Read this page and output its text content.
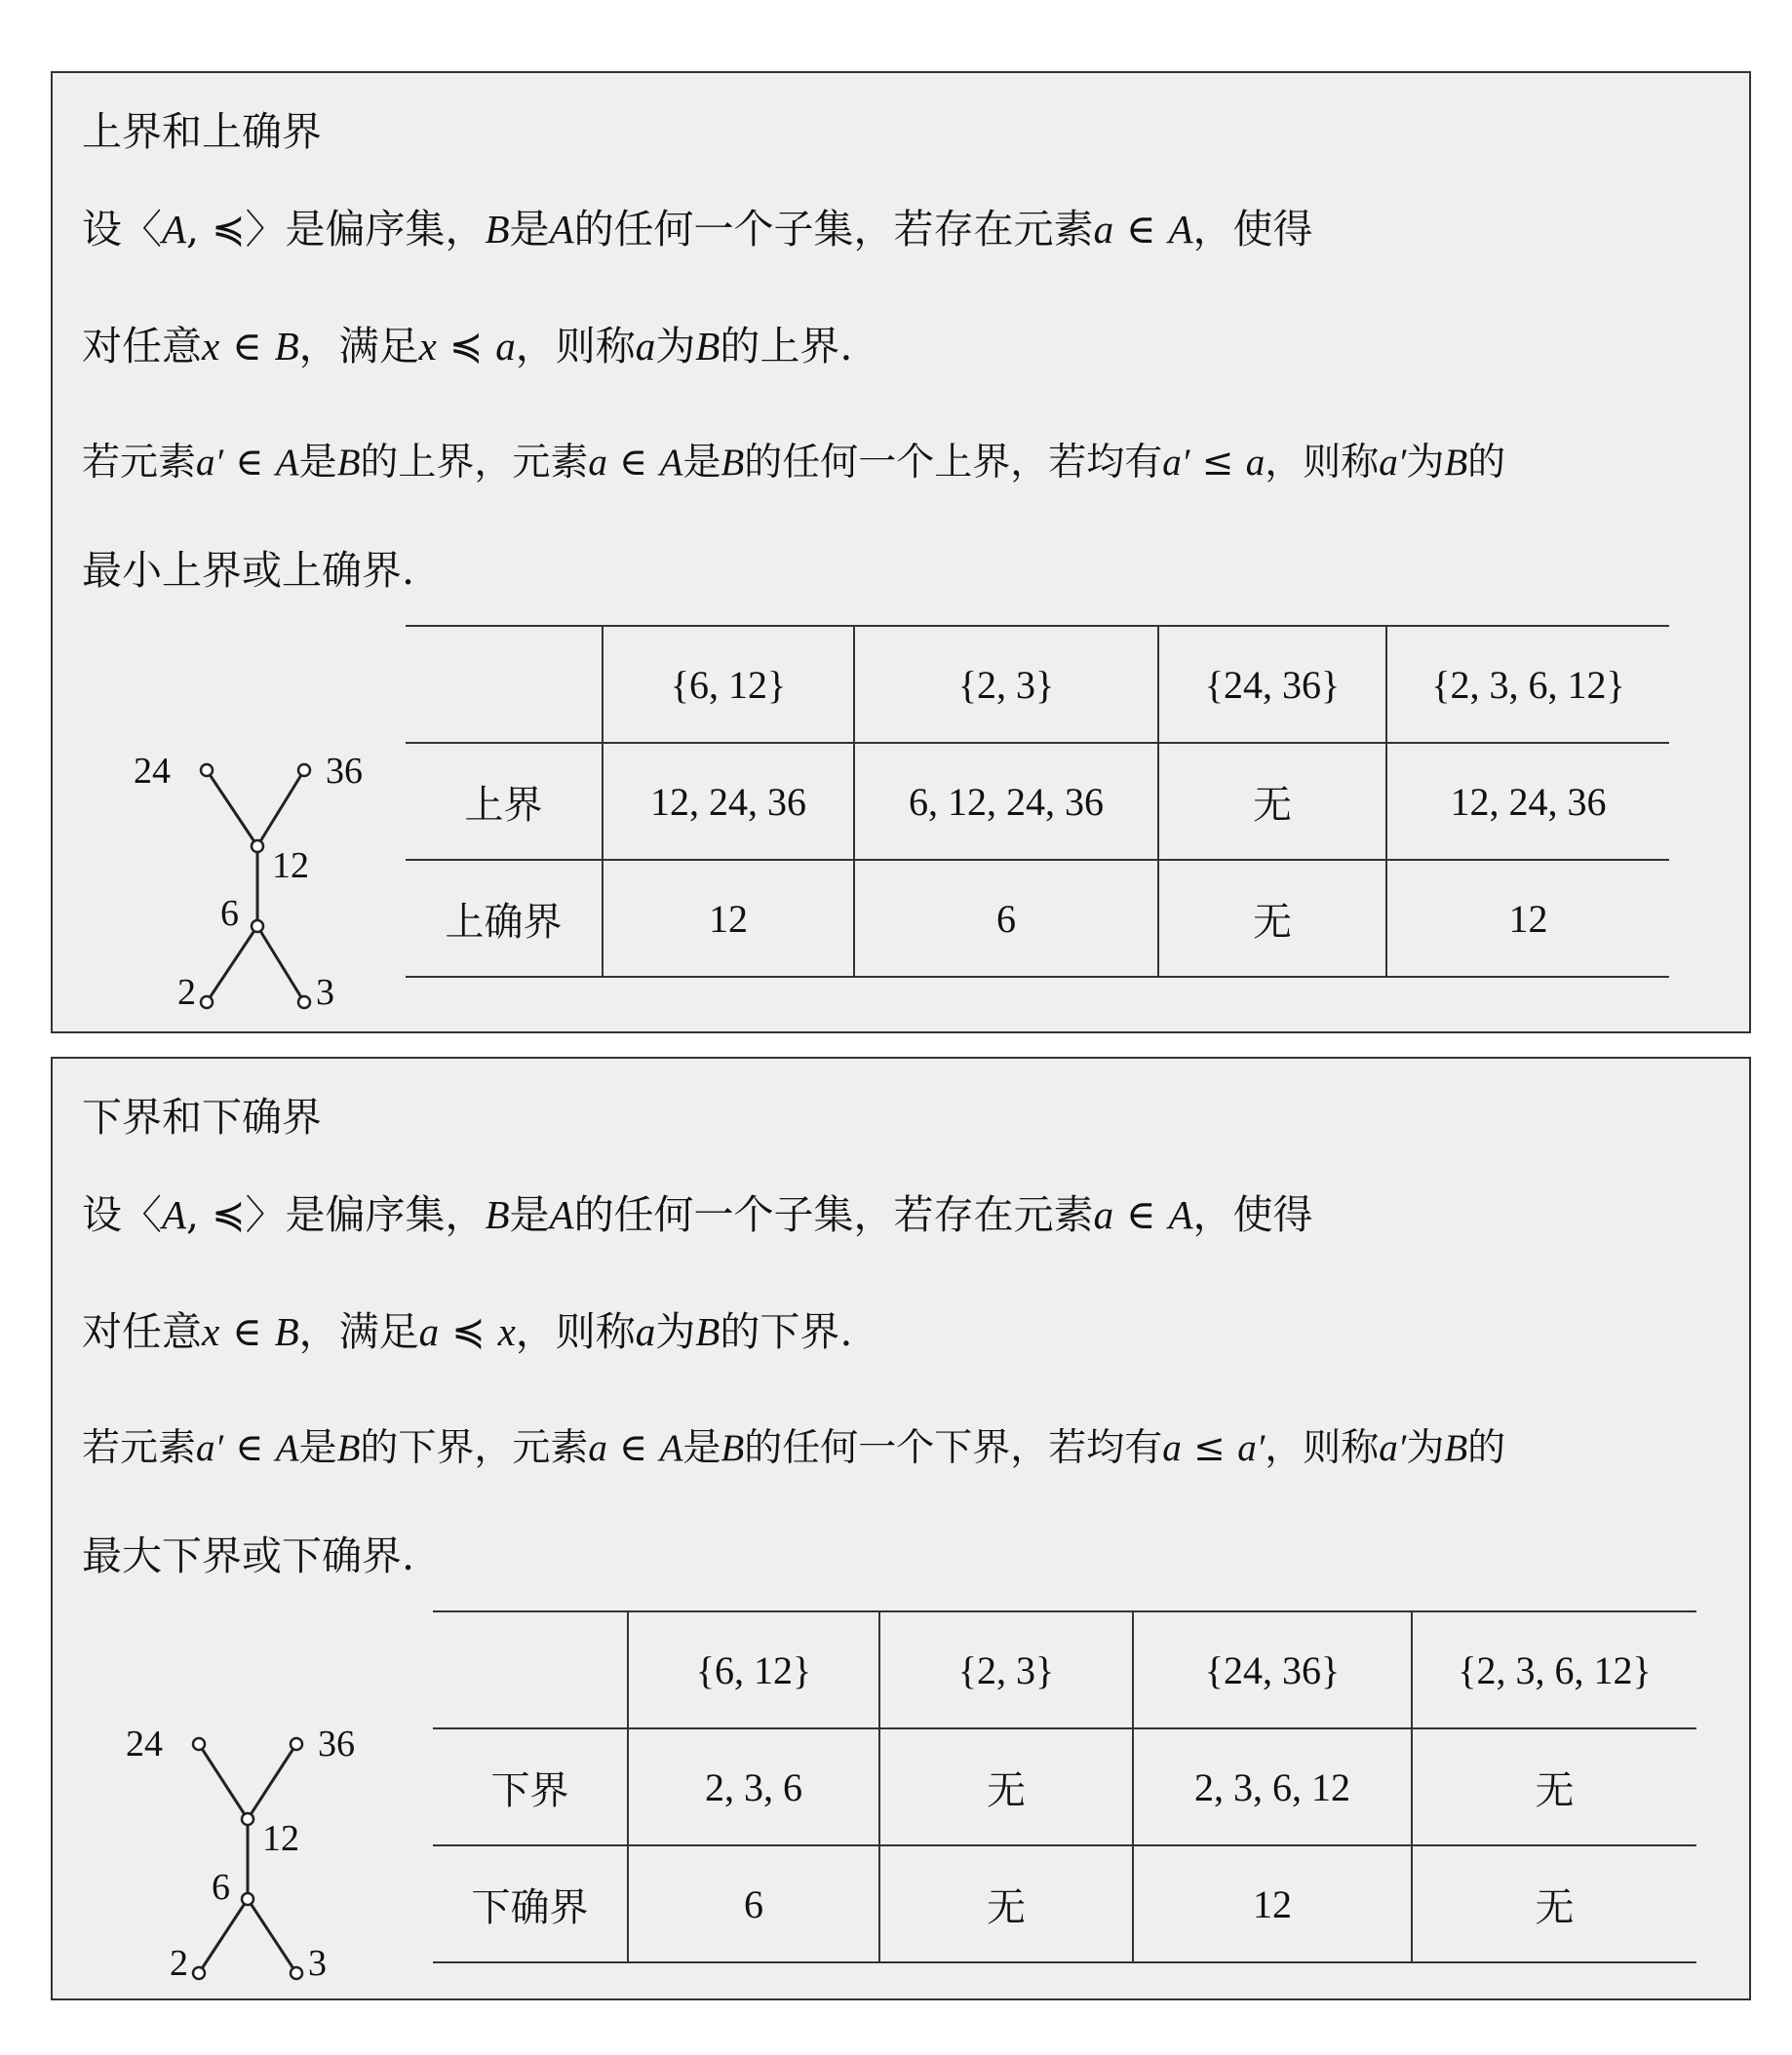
上界和上确界
设〈A, ≼〉是偏序集，B是A的任何一个子集，若存在元素a ∈ A，使得
对任意x ∈ B，满足x ≼ a，则称a为B的上界.
若元素a′ ∈ A是B的上界，元素a ∈ A是B的任何一个上界，若均有a′ ≤ a，则称a′为B的
最小上界或上确界.
24	36
12
6
2	3
	{6, 12}	{2, 3}	{24, 36}	{2, 3, 6, 12}
上界	12, 24, 36	6, 12, 24, 36	无	12, 24, 36
上确界	12	6	无	12
下界和下确界
设〈A, ≼〉是偏序集，B是A的任何一个子集，若存在元素a ∈ A，使得
对任意x ∈ B，满足a ≼ x，则称a为B的下界.
若元素a′ ∈ A是B的下界，元素a ∈ A是B的任何一个下界，若均有a ≤ a′，则称a′为B的
最大下界或下确界.
24	36
12
6
2	3
	{6, 12}	{2, 3}	{24, 36}	{2, 3, 6, 12}
下界	2, 3, 6	无	2, 3, 6, 12	无
下确界	6	无	12	无
